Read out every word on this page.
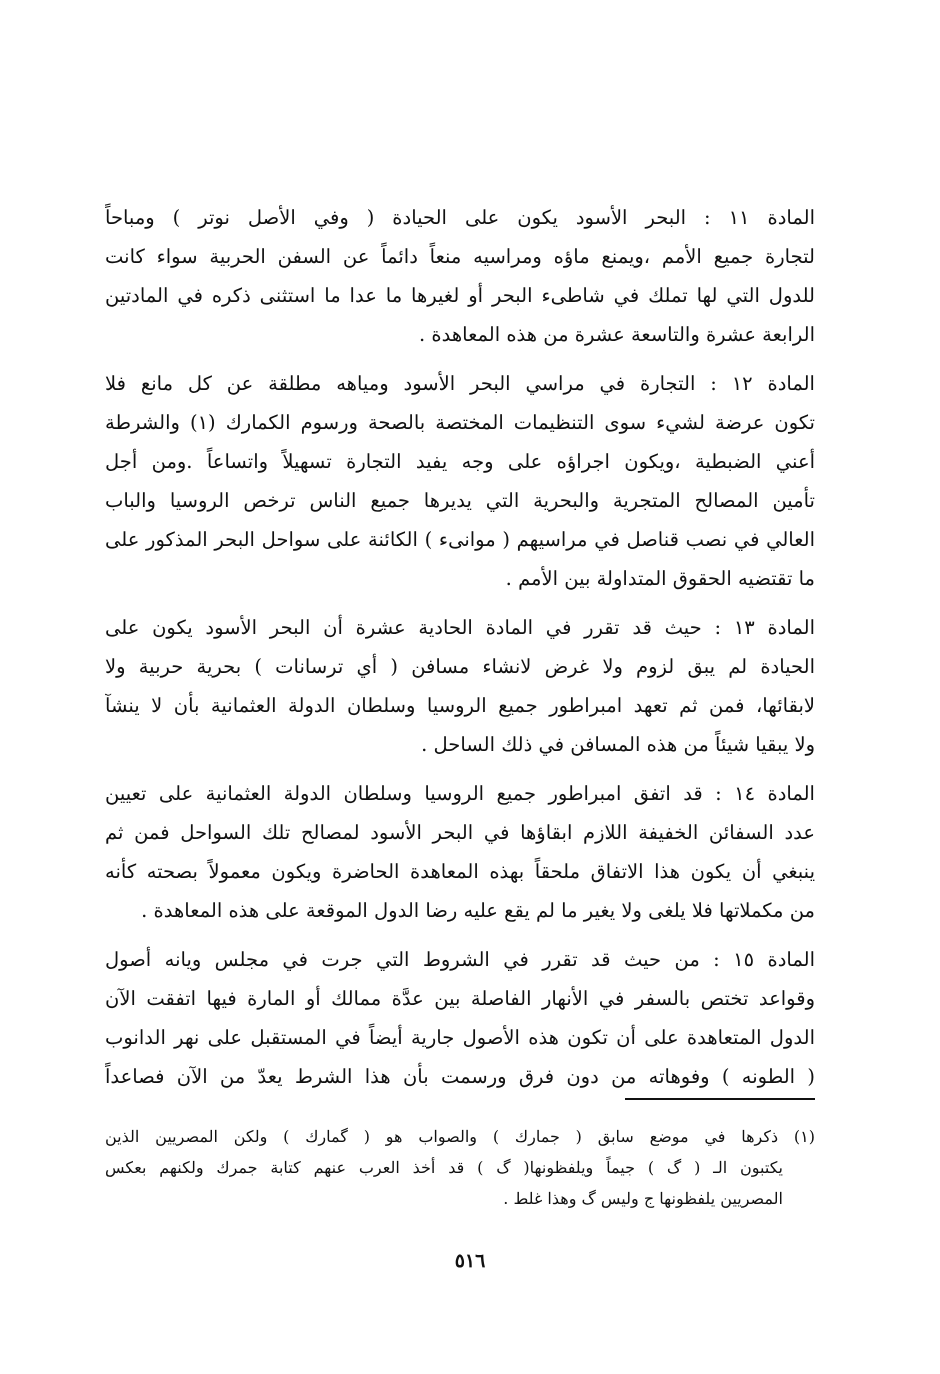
المادة ١١ : البحر الأسود يكون على الحيادة ( وفي الأصل نوتر ) ومباحاً
لتجارة جميع الأمم ،ويمنع ماؤه ومراسيه منعاً دائماً عن السفن الحربية سواء كانت
للدول التي لها تملك في شاطىء البحر أو لغيرها ما عدا ما استثنى ذكره في المادتين
الرابعة عشرة والتاسعة عشرة من هذه المعاهدة .
المادة ١٢ : التجارة في مراسي البحر الأسود ومياهه مطلقة عن كل مانع فلا
تكون عرضة لشيء سوى التنظيمات المختصة بالصحة ورسوم الكمارك (١) والشرطة
أعني الضبطية ،ويكون اجراؤه على وجه يفيد التجارة تسهيلاً واتساعاً .ومن أجل
تأمين المصالح المتجرية والبحرية التي يديرها جميع الناس ترخص الروسيا والباب
العالي في نصب قناصل في مراسيهم ( موانىء ) الكائنة على سواحل البحر المذكور على
ما تقتضيه الحقوق المتداولة بين الأمم .
المادة ١٣ : حيث قد تقرر في المادة الحادية عشرة أن البحر الأسود يكون على
الحيادة لم يبق لزوم ولا غرض لانشاء مسافن ( أي ترسانات ) بحرية حربية ولا
لابقائها، فمن ثم تعهد امبراطور جميع الروسيا وسلطان الدولة العثمانية بأن لا ينشآ
ولا يبقيا شيئاً من هذه المسافن في ذلك الساحل .
المادة ١٤ : قد اتفق امبراطور جميع الروسيا وسلطان الدولة العثمانية على تعيين
عدد السفائن الخفيفة اللازم ابقاؤها في البحر الأسود لمصالح تلك السواحل فمن ثم
ينبغي أن يكون هذا الاتفاق ملحقاً بهذه المعاهدة الحاضرة ويكون معمولاً بصحته كأنه
من مكملاتها فلا يلغى ولا يغير ما لم يقع عليه رضا الدول الموقعة على هذه المعاهدة .
المادة ١٥ : من حيث قد تقرر في الشروط التي جرت في مجلس ويانه أصول
وقواعد تختص بالسفر في الأنهار الفاصلة بين عدَّة ممالك أو المارة فيها اتفقت الآن
الدول المتعاهدة على أن تكون هذه الأصول جارية أيضاً في المستقبل على نهر الدانوب
( الطونه ) وفوهاته من دون فرق ورسمت بأن هذا الشرط يعدّ من الآن فصاعداً
(١) ذكرها في موضع سابق ( جمارك ) والصواب هو ( گمارك ) ولكن المصريين الذين
يكتبون الـ ( گ ) جيماً ويلفظونها( گ ) قد أخذ العرب عنهم كتابة جمرك ولكنهم بعكس
المصريين يلفظونها ج وليس گ وهذا غلط .
٥١٦
